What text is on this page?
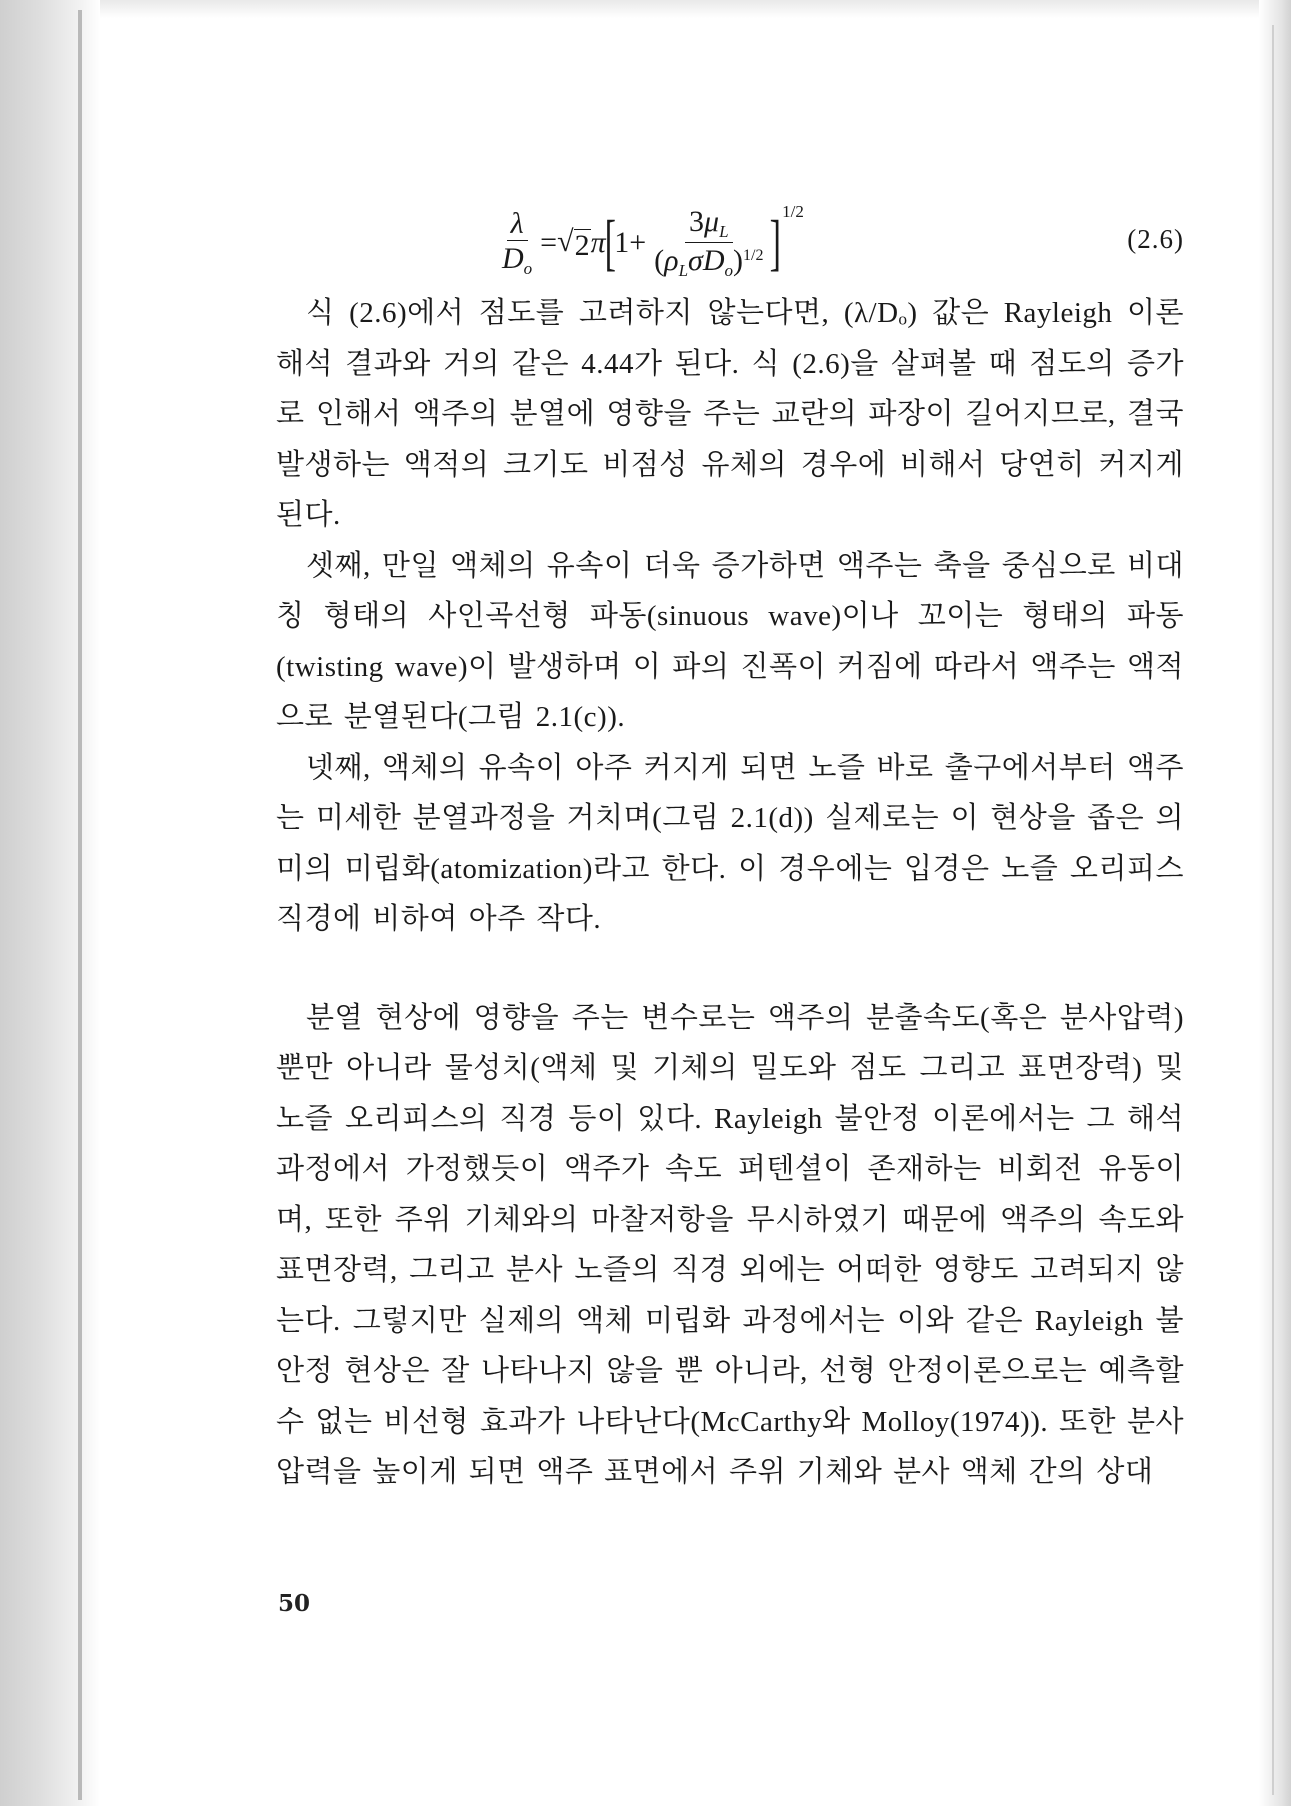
$\frac{\lambda}{D_o}$ = √ 2 π
[
$1+ \frac{3\mu_L}{(\rho_L\sigma D_o)^{1/2}}$ ] 1/2
(2.6)

식 (2.6)에서 점도를 고려하지 않는다면, (λ/Dₒ) 값은 Rayleigh 이론 해석 결과와 거의 같은 4.44가 된다. 식 (2.6)을 살펴볼 때 점도의 증가로 인해서 액주의 분열에 영향을 주는 교란의 파장이 길어지므로, 결국 발생하는 액적의 크기도 비점성 유체의 경우에 비해서 당연히 커지게 된다.

셋째, 만일 액체의 유속이 더욱 증가하면 액주는 축을 중심으로 비대칭 형태의 사인곡선형 파동(sinuous wave)이나 꼬이는 형태의 파동(twisting wave)이 발생하며 이 파의 진폭이 커짐에 따라서 액주는 액적으로 분열된다(그림 2.1(c)).

넷째, 액체의 유속이 아주 커지게 되면 노즐 바로 출구에서부터 액주는 미세한 분열과정을 거치며(그림 2.1(d)) 실제로는 이 현상을 좁은 의미의 미립화(atomization)라고 한다. 이 경우에는 입경은 노즐 오리피스 직경에 비하여 아주 작다.

분열 현상에 영향을 주는 변수로는 액주의 분출속도(혹은 분사압력)뿐만 아니라 물성치(액체 및 기체의 밀도와 점도 그리고 표면장력) 및 노즐 오리피스의 직경 등이 있다. Rayleigh 불안정 이론에서는 그 해석과정에서 가정했듯이 액주가 속도 퍼텐셜이 존재하는 비회전 유동이며, 또한 주위 기체와의 마찰저항을 무시하였기 때문에 액주의 속도와 표면장력, 그리고 분사 노즐의 직경 외에는 어떠한 영향도 고려되지 않는다. 그렇지만 실제의 액체 미립화 과정에서는 이와 같은 Rayleigh 불안정 현상은 잘 나타나지 않을 뿐 아니라, 선형 안정이론으로는 예측할 수 없는 비선형 효과가 나타난다(McCarthy와 Molloy(1974)). 또한 분사압력을 높이게 되면 액주 표면에서 주위 기체와 분사 액체 간의 상대

50
